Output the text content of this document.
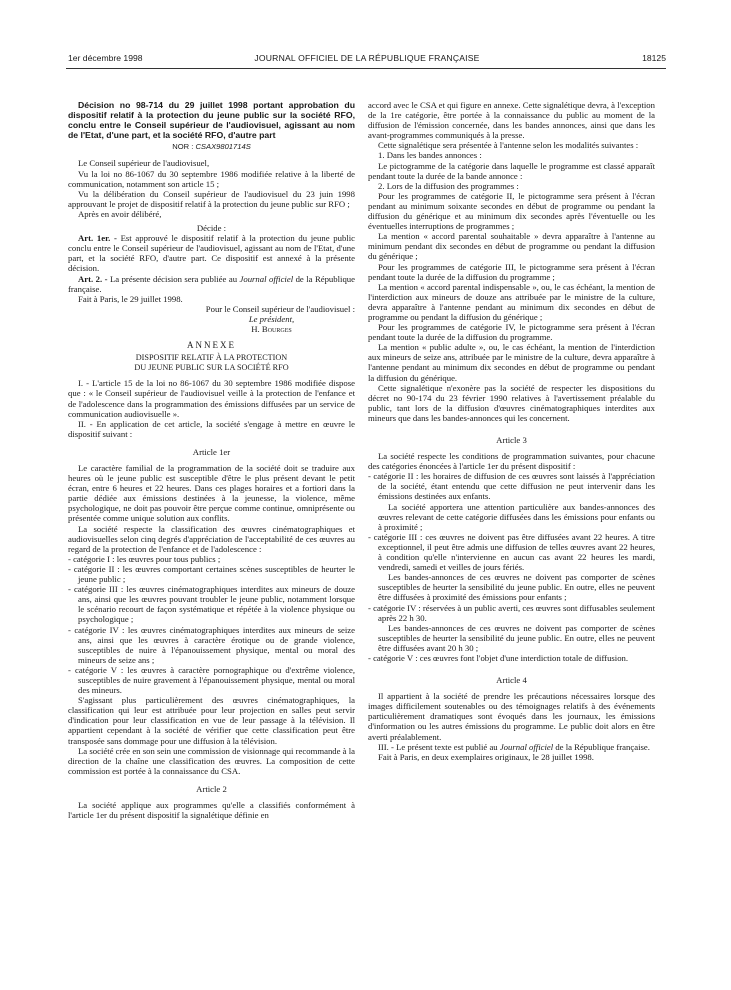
1er décembre 1998	JOURNAL OFFICIEL DE LA RÉPUBLIQUE FRANÇAISE	18125

Décision no 98-714 du 29 juillet 1998 portant approbation du dispositif relatif à la protection du jeune public sur la société RFO, conclu entre le Conseil supérieur de l'audiovisuel, agissant au nom de l'Etat, d'une part, et la société RFO, d'autre part

NOR : CSAX9801714S

Le Conseil supérieur de l'audiovisuel,

Vu la loi no 86-1067 du 30 septembre 1986 modifiée relative à la liberté de communication, notamment son article 15 ;

Vu la délibération du Conseil supérieur de l'audiovisuel du 23 juin 1998 approuvant le projet de dispositif relatif à la protection du jeune public sur RFO ;

Après en avoir délibéré,

Décide :

Art. 1er. - Est approuvé le dispositif relatif à la protection du jeune public conclu entre le Conseil supérieur de l'audiovisuel, agissant au nom de l'Etat, d'une part, et la société RFO, d'autre part. Ce dispositif est annexé à la présente décision.

Art. 2. - La présente décision sera publiée au Journal officiel de la République française.

Fait à Paris, le 29 juillet 1998.

Pour le Conseil supérieur de l'audiovisuel :

Le président,

H. Bourges

ANNEXE
DISPOSITIF RELATIF À LA PROTECTION
DU JEUNE PUBLIC SUR LA SOCIÉTÉ RFO

I. - L'article 15 de la loi no 86-1067 du 30 septembre 1986 modifiée dispose que : « le Conseil supérieur de l'audiovisuel veille à la protection de l'enfance et de l'adolescence dans la programmation des émissions diffusées par un service de communication audiovisuelle ».

II. - En application de cet article, la société s'engage à mettre en œuvre le dispositif suivant :

Article 1er

Le caractère familial de la programmation de la société doit se traduire aux heures où le jeune public est susceptible d'être le plus présent devant le petit écran, entre 6 heures et 22 heures. Dans ces plages horaires et a fortiori dans la partie dédiée aux émissions destinées à la jeunesse, la violence, même psychologique, ne doit pas pouvoir être perçue comme continue, omniprésente ou présentée comme unique solution aux conflits.

La société respecte la classification des œuvres cinématographiques et audiovisuelles selon cinq degrés d'appréciation de l'acceptabilité de ces œuvres au regard de la protection de l'enfance et de l'adolescence :

- catégorie I : les œuvres pour tous publics ;

- catégorie II : les œuvres comportant certaines scènes susceptibles de heurter le jeune public ;

- catégorie III : les œuvres cinématographiques interdites aux mineurs de douze ans, ainsi que les œuvres pouvant troubler le jeune public, notamment lorsque le scénario recourt de façon systématique et répétée à la violence physique ou psychologique ;

- catégorie IV : les œuvres cinématographiques interdites aux mineurs de seize ans, ainsi que les œuvres à caractère érotique ou de grande violence, susceptibles de nuire à l'épanouissement physique, mental ou moral des mineurs de seize ans ;

- catégorie V : les œuvres à caractère pornographique ou d'extrême violence, susceptibles de nuire gravement à l'épanouissement physique, mental ou moral des mineurs.

S'agissant plus particulièrement des œuvres cinématographiques, la classification qui leur est attribuée pour leur projection en salles peut servir d'indication pour leur classification en vue de leur passage à la télévision. Il appartient cependant à la société de vérifier que cette classification peut être transposée sans dommage pour une diffusion à la télévision.

La société crée en son sein une commission de visionnage qui recommande à la direction de la chaîne une classification des œuvres. La composition de cette commission est portée à la connaissance du CSA.

Article 2

La société applique aux programmes qu'elle a classifiés conformément à l'article 1er du présent dispositif la signalétique définie en

accord avec le CSA et qui figure en annexe. Cette signalétique devra, à l'exception de la 1re catégorie, être portée à la connaissance du public au moment de la diffusion de l'émission concernée, dans les bandes annonces, ainsi que dans les avant-programmes communiqués à la presse.

Cette signalétique sera présentée à l'antenne selon les modalités suivantes :

1. Dans les bandes annonces :

Le pictogramme de la catégorie dans laquelle le programme est classé apparaît pendant toute la durée de la bande annonce :

2. Lors de la diffusion des programmes :

Pour les programmes de catégorie II, le pictogramme sera présent à l'écran pendant au minimum soixante secondes en début de programme ou pendant la diffusion du générique et au minimum dix secondes après l'éventuelle ou les éventuelles interruptions de programmes ;

La mention « accord parental souhaitable » devra apparaître à l'antenne au minimum pendant dix secondes en début de programme ou pendant la diffusion du générique ;

Pour les programmes de catégorie III, le pictogramme sera présent à l'écran pendant toute la durée de la diffusion du programme ;

La mention « accord parental indispensable », ou, le cas échéant, la mention de l'interdiction aux mineurs de douze ans attribuée par le ministre de la culture, devra apparaître à l'antenne pendant au minimum dix secondes en début de programme ou pendant la diffusion du générique ;

Pour les programmes de catégorie IV, le pictogramme sera présent à l'écran pendant toute la durée de la diffusion du programme.

La mention « public adulte », ou, le cas échéant, la mention de l'interdiction aux mineurs de seize ans, attribuée par le ministre de la culture, devra apparaître à l'antenne pendant au minimum dix secondes en début de programme ou pendant la diffusion du générique.

Cette signalétique n'exonère pas la société de respecter les dispositions du décret no 90-174 du 23 février 1990 relatives à l'avertissement préalable du public, tant lors de la diffusion d'œuvres cinématographiques interdites aux mineurs que dans les bandes-annonces qui les concernent.

Article 3

La société respecte les conditions de programmation suivantes, pour chacune des catégories énoncées à l'article 1er du présent dispositif :

- catégorie II : les horaires de diffusion de ces œuvres sont laissés à l'appréciation de la société, étant entendu que cette diffusion ne peut intervenir dans les émissions destinées aux enfants.

La société apportera une attention particulière aux bandes-annonces des œuvres relevant de cette catégorie diffusées dans les émissions pour enfants ou à proximité ;

- catégorie III : ces œuvres ne doivent pas être diffusées avant 22 heures. A titre exceptionnel, il peut être admis une diffusion de telles œuvres avant 22 heures, à condition qu'elle n'intervienne en aucun cas avant 22 heures les mardi, vendredi, samedi et veilles de jours fériés.

Les bandes-annonces de ces œuvres ne doivent pas comporter de scènes susceptibles de heurter la sensibilité du jeune public. En outre, elles ne peuvent être diffusées à proximité des émissions pour enfants ;

- catégorie IV : réservées à un public averti, ces œuvres sont diffusables seulement après 22 h 30.

Les bandes-annonces de ces œuvres ne doivent pas comporter de scènes susceptibles de heurter la sensibilité du jeune public. En outre, elles ne peuvent être diffusées avant 20 h 30 ;

- catégorie V : ces œuvres font l'objet d'une interdiction totale de diffusion.

Article 4

Il appartient à la société de prendre les précautions nécessaires lorsque des images difficilement soutenables ou des témoignages relatifs à des événements particulièrement dramatiques sont évoqués dans les journaux, les émissions d'information ou les autres émissions du programme. Le public doit alors en être averti préalablement.

III. - Le présent texte est publié au Journal officiel de la République française.

Fait à Paris, en deux exemplaires originaux, le 28 juillet 1998.
